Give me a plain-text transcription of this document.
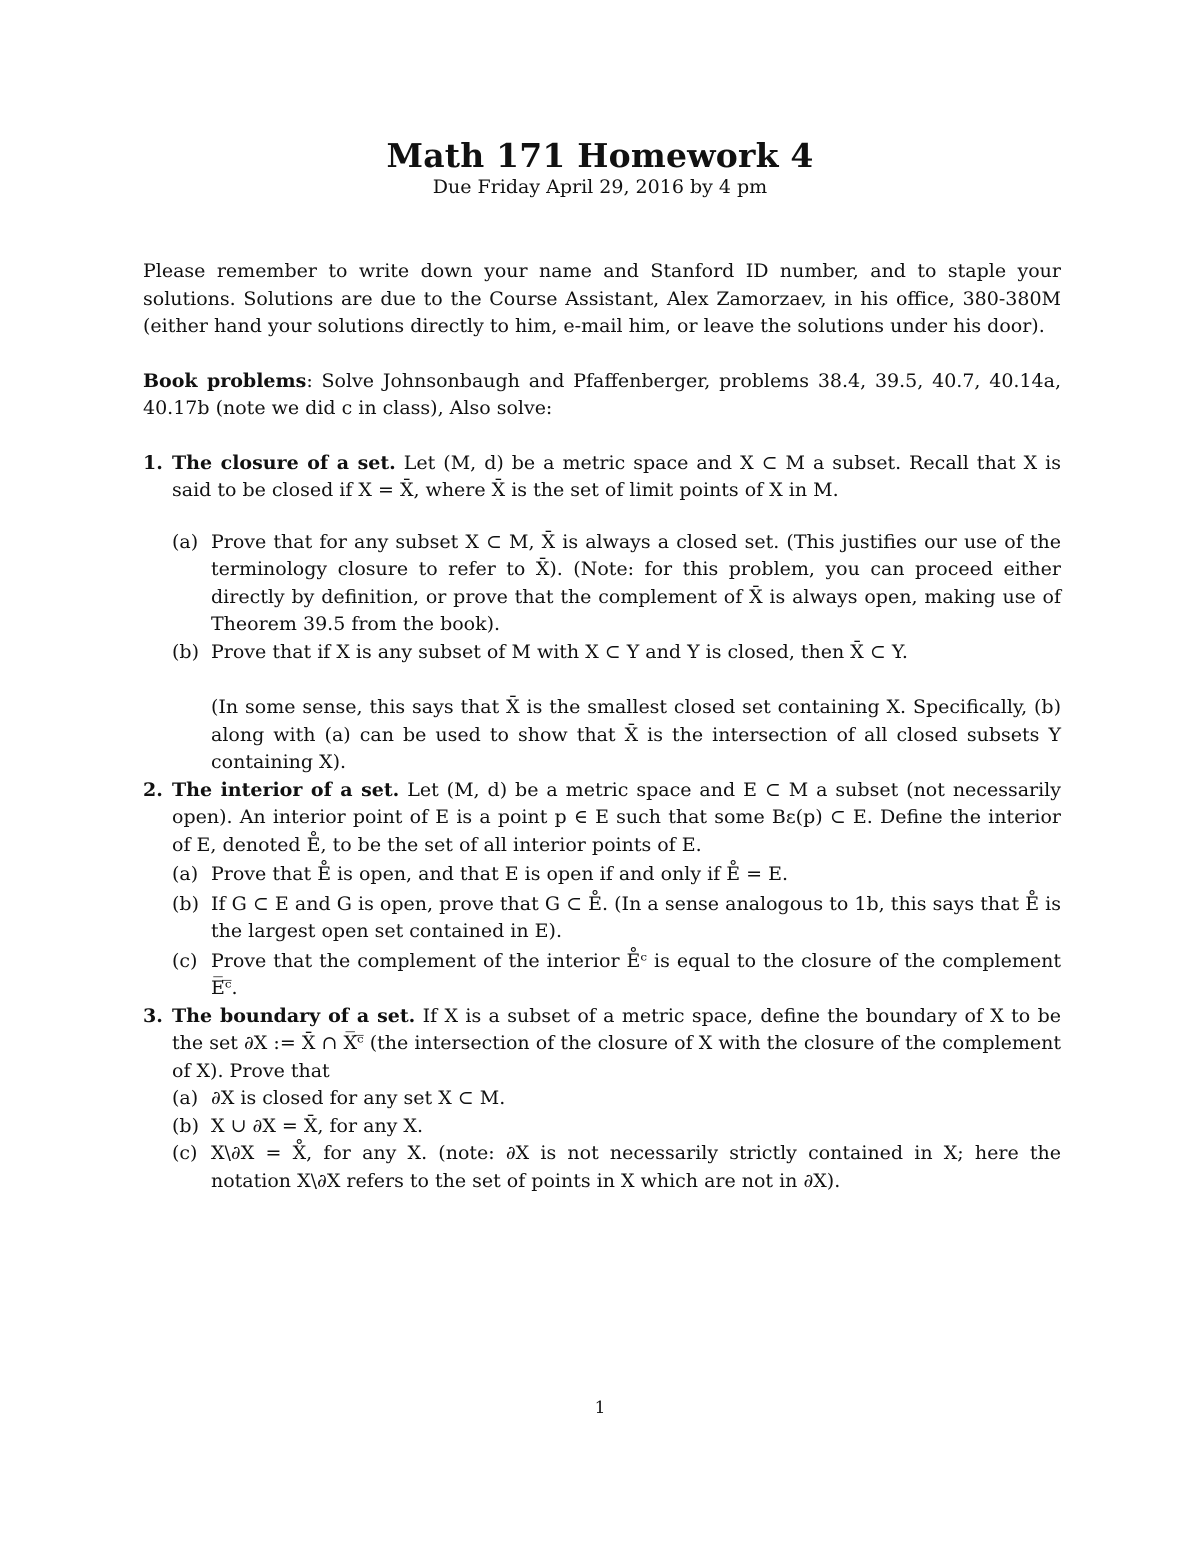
Math 171 Homework 4
Due Friday April 29, 2016 by 4 pm

Please remember to write down your name and Stanford ID number, and to staple your solutions. Solutions are due to the Course Assistant, Alex Zamorzaev, in his office, 380-380M (either hand your solutions directly to him, e-mail him, or leave the solutions under his door).

Book problems: Solve Johnsonbaugh and Pfaffenberger, problems 38.4, 39.5, 40.7, 40.14a, 40.17b (note we did c in class), Also solve:

1. The closure of a set. Let (M, d) be a metric space and X ⊂ M a subset. Recall that X is said to be closed if X = X̄, where X̄ is the set of limit points of X in M.

(a) Prove that for any subset X ⊂ M, X̄ is always a closed set. (This justifies our use of the terminology closure to refer to X̄). (Note: for this problem, you can proceed either directly by definition, or prove that the complement of X̄ is always open, making use of Theorem 39.5 from the book).
(b) Prove that if X is any subset of M with X ⊂ Y and Y is closed, then X̄ ⊂ Y.
(In some sense, this says that X̄ is the smallest closed set containing X. Specifically, (b) along with (a) can be used to show that X̄ is the intersection of all closed subsets Y containing X).
2. The interior of a set. Let (M, d) be a metric space and E ⊂ M a subset (not necessarily open). An interior point of E is a point p ∈ E such that some Bε(p) ⊂ E. Define the interior of E, denoted E̊, to be the set of all interior points of E.

(a) Prove that E̊ is open, and that E is open if and only if E̊ = E.
(b) If G ⊂ E and G is open, prove that G ⊂ E̊. (In a sense analogous to 1b, this says that E̊ is the largest open set contained in E).
(c) Prove that the complement of the interior E̊ᶜ is equal to the closure of the complement E̅ᶜ̅.
3. The boundary of a set. If X is a subset of a metric space, define the boundary of X to be the set ∂X := X̄ ∩ X̅ᶜ̅ (the intersection of the closure of X with the closure of the complement of X). Prove that

(a) ∂X is closed for any set X ⊂ M.
(b) X ∪ ∂X = X̄, for any X.
(c) X\∂X = X̊, for any X. (note: ∂X is not necessarily strictly contained in X; here the notation X\∂X refers to the set of points in X which are not in ∂X).
1
